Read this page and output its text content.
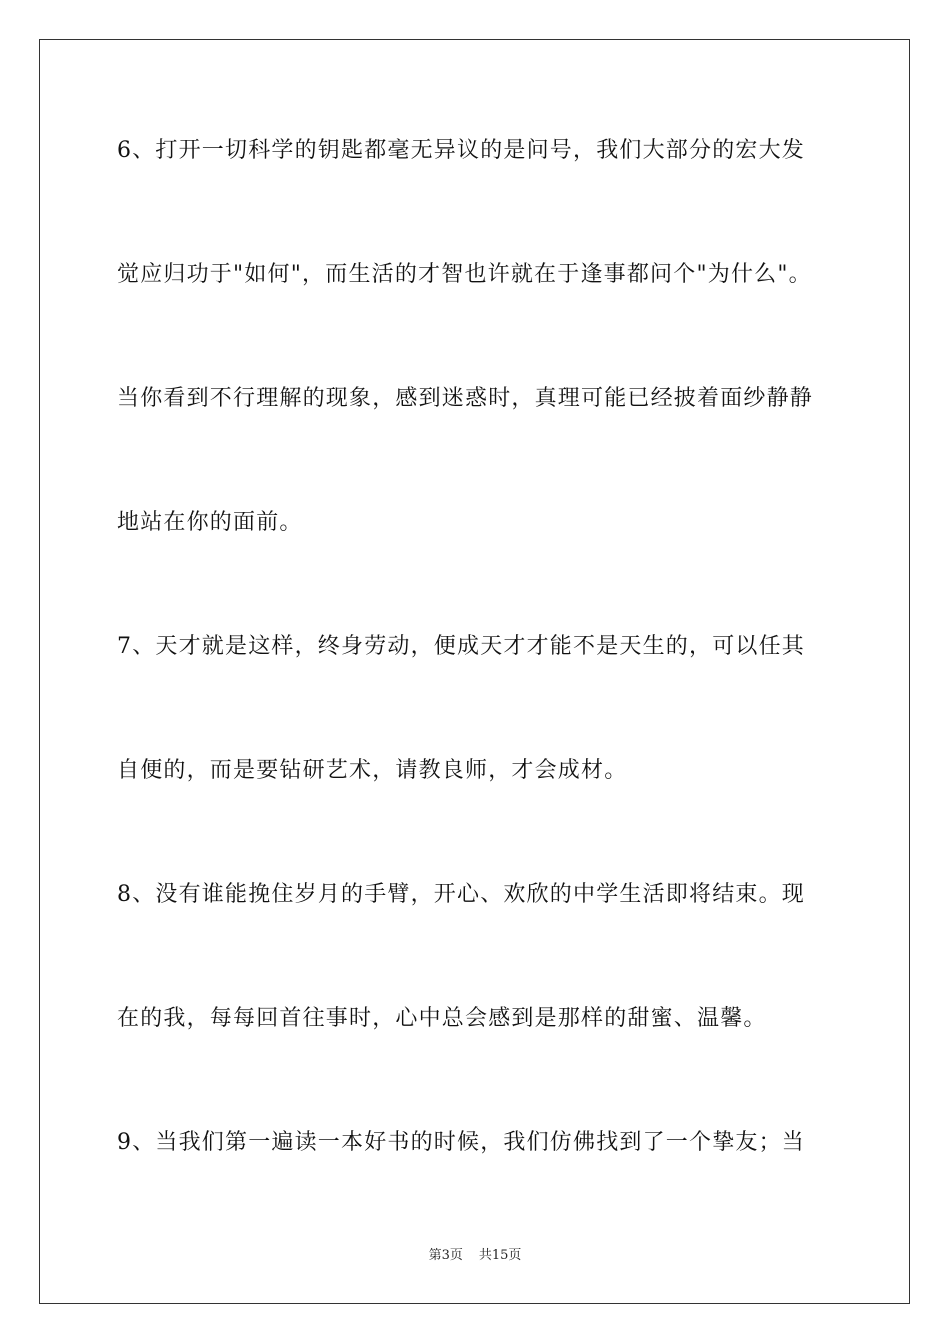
6、打开一切科学的钥匙都毫无异议的是问号，我们大部分的宏大发
觉应归功于"如何"，而生活的才智也许就在于逢事都问个"为什么"。
当你看到不行理解的现象，感到迷惑时，真理可能已经披着面纱静静
地站在你的面前。
7、天才就是这样，终身劳动，便成天才才能不是天生的，可以任其
自便的，而是要钻研艺术，请教良师，才会成材。
8、没有谁能挽住岁月的手臂，开心、欢欣的中学生活即将结束。现
在的我，每每回首往事时，心中总会感到是那样的甜蜜、温馨。
9、当我们第一遍读一本好书的时候，我们仿佛找到了一个挚友；当
第3页 共15页
